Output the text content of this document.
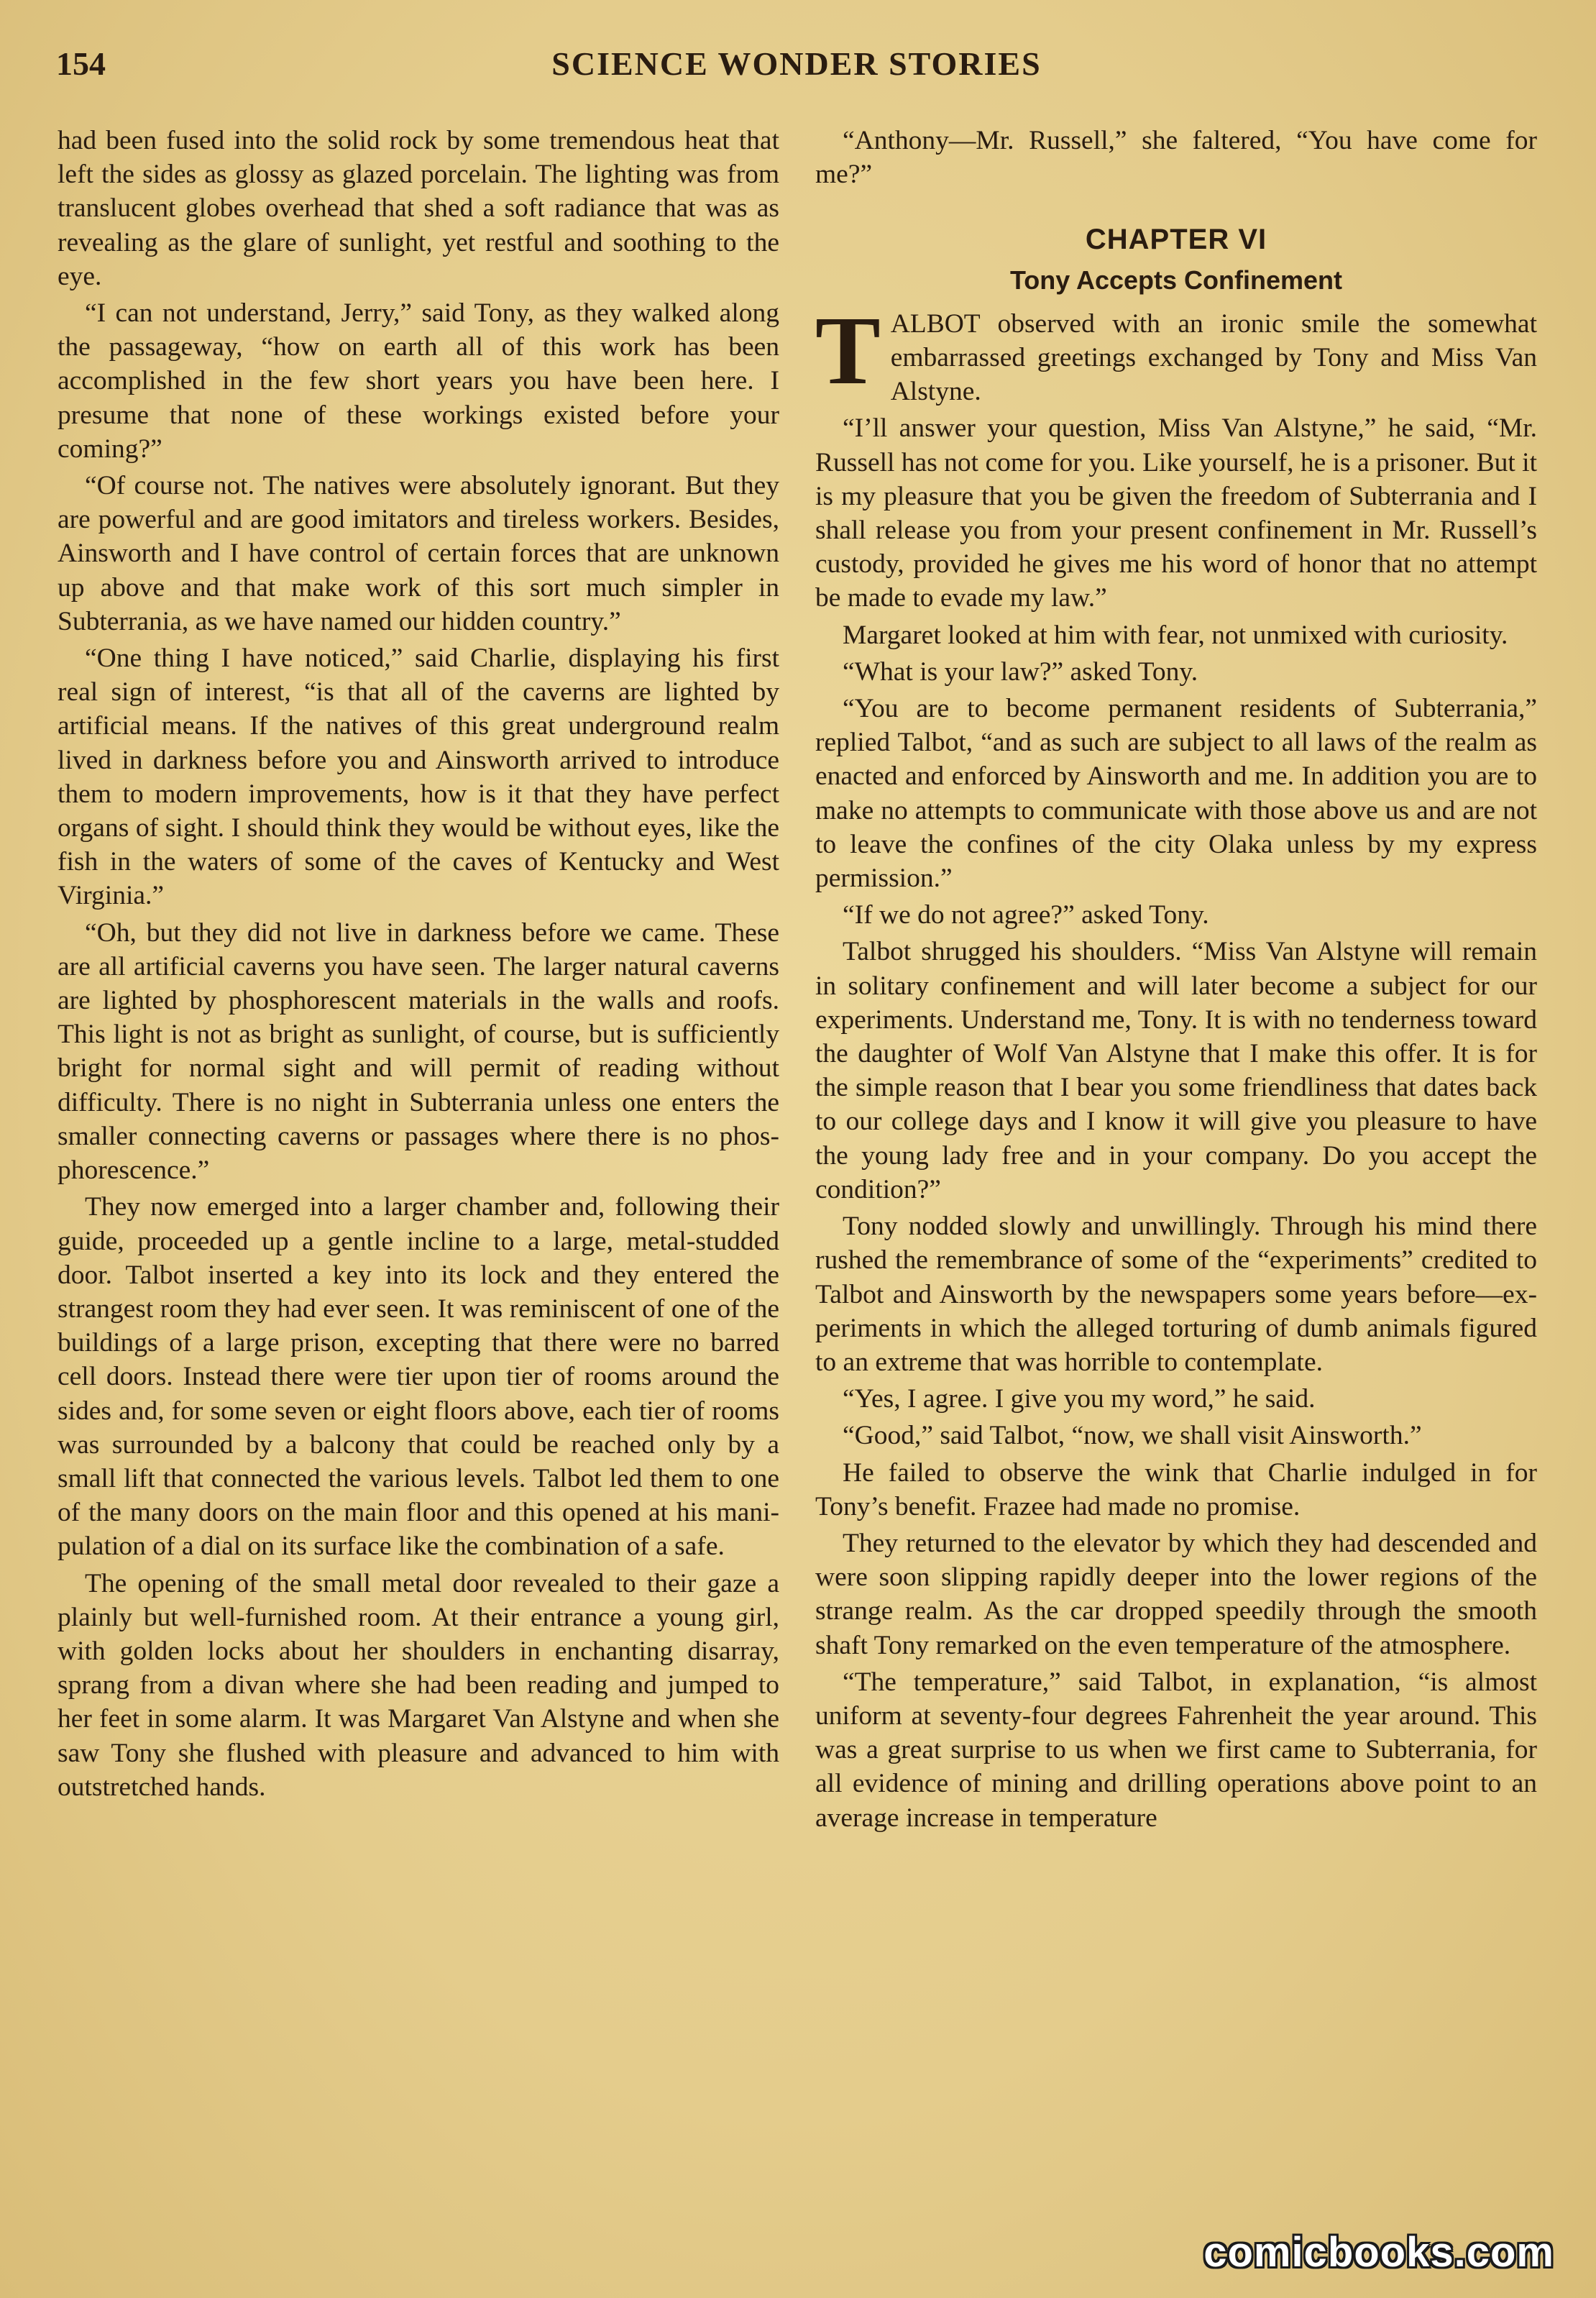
154	SCIENCE WONDER STORIES

had been fused into the solid rock by some tremendous heat that left the sides as glossy as glazed porcelain. The lighting was from translucent globes overhead that shed a soft radiance that was as revealing as the glare of sunlight, yet restful and soothing to the eye.

“I can not understand, Jerry,” said Tony, as they walked along the passageway, “how on earth all of this work has been accomplished in the few short years you have been here. I presume that none of these workings existed before your coming?”

“Of course not. The natives were absolutely ignorant. But they are powerful and are good imitators and tireless workers. Besides, Ainsworth and I have control of certain forces that are unknown up above and that make work of this sort much simpler in Subterrania, as we have named our hidden country.”

“One thing I have noticed,” said Charlie, displaying his first real sign of interest, “is that all of the caverns are lighted by artificial means. If the natives of this great underground realm lived in darkness before you and Ainsworth arrived to introduce them to modern improvements, how is it that they have perfect organs of sight. I should think they would be without eyes, like the fish in the waters of some of the caves of Kentucky and West Virginia.”

“Oh, but they did not live in darkness before we came. These are all artificial caverns you have seen. The larger natural caverns are lighted by phosphorescent materials in the walls and roofs. This light is not as bright as sunlight, of course, but is sufficiently bright for normal sight and will permit of reading without difficulty. There is no night in Subterrania unless one enters the smaller connecting caverns or passages where there is no phosphorescence.”

They now emerged into a larger chamber and, following their guide, proceeded up a gentle incline to a large, metal-studded door. Talbot inserted a key into its lock and they entered the strangest room they had ever seen. It was reminiscent of one of the buildings of a large prison, excepting that there were no barred cell doors. Instead there were tier upon tier of rooms around the sides and, for some seven or eight floors above, each tier of rooms was surrounded by a balcony that could be reached only by a small lift that connected the various levels. Talbot led them to one of the many doors on the main floor and this opened at his manipulation of a dial on its surface like the combination of a safe.

The opening of the small metal door revealed to their gaze a plainly but well-furnished room. At their entrance a young girl, with golden locks about her shoulders in enchanting disarray, sprang from a divan where she had been reading and jumped to her feet in some alarm. It was Margaret Van Alstyne and when she saw Tony she flushed with pleasure and advanced to him with outstretched hands.

“Anthony—Mr. Russell,” she faltered, “You have come for me?”

CHAPTER VI
Tony Accepts Confinement

TALBOT observed with an ironic smile the somewhat embarrassed greetings exchanged by Tony and Miss Van Alstyne.

“I’ll answer your question, Miss Van Alstyne,” he said, “Mr. Russell has not come for you. Like yourself, he is a prisoner. But it is my pleasure that you be given the freedom of Subterrania and I shall release you from your present confinement in Mr. Russell’s custody, provided he gives me his word of honor that no attempt be made to evade my law.”

Margaret looked at him with fear, not unmixed with curiosity.

“What is your law?” asked Tony.

“You are to become permanent residents of Subterrania,” replied Talbot, “and as such are subject to all laws of the realm as enacted and enforced by Ainsworth and me. In addition you are to make no attempts to communicate with those above us and are not to leave the confines of the city Olaka unless by my express permission.”

“If we do not agree?” asked Tony.

Talbot shrugged his shoulders. “Miss Van Alstyne will remain in solitary confinement and will later become a subject for our experiments. Understand me, Tony. It is with no tenderness toward the daughter of Wolf Van Alstyne that I make this offer. It is for the simple reason that I bear you some friendliness that dates back to our college days and I know it will give you pleasure to have the young lady free and in your company. Do you accept the condition?”

Tony nodded slowly and unwillingly. Through his mind there rushed the remembrance of some of the “experiments” credited to Talbot and Ainsworth by the newspapers some years before—experiments in which the alleged torturing of dumb animals figured to an extreme that was horrible to contemplate.

“Yes, I agree. I give you my word,” he said.

“Good,” said Talbot, “now, we shall visit Ainsworth.”

He failed to observe the wink that Charlie indulged in for Tony’s benefit. Frazee had made no promise.

They returned to the elevator by which they had descended and were soon slipping rapidly deeper into the lower regions of the strange realm. As the car dropped speedily through the smooth shaft Tony remarked on the even temperature of the atmosphere.

“The temperature,” said Talbot, in explanation, “is almost uniform at seventy-four degrees Fahrenheit the year around. This was a great surprise to us when we first came to Subterrania, for all evidence of mining and drilling operations above point to an average increase in temperature

comicbooks.com
